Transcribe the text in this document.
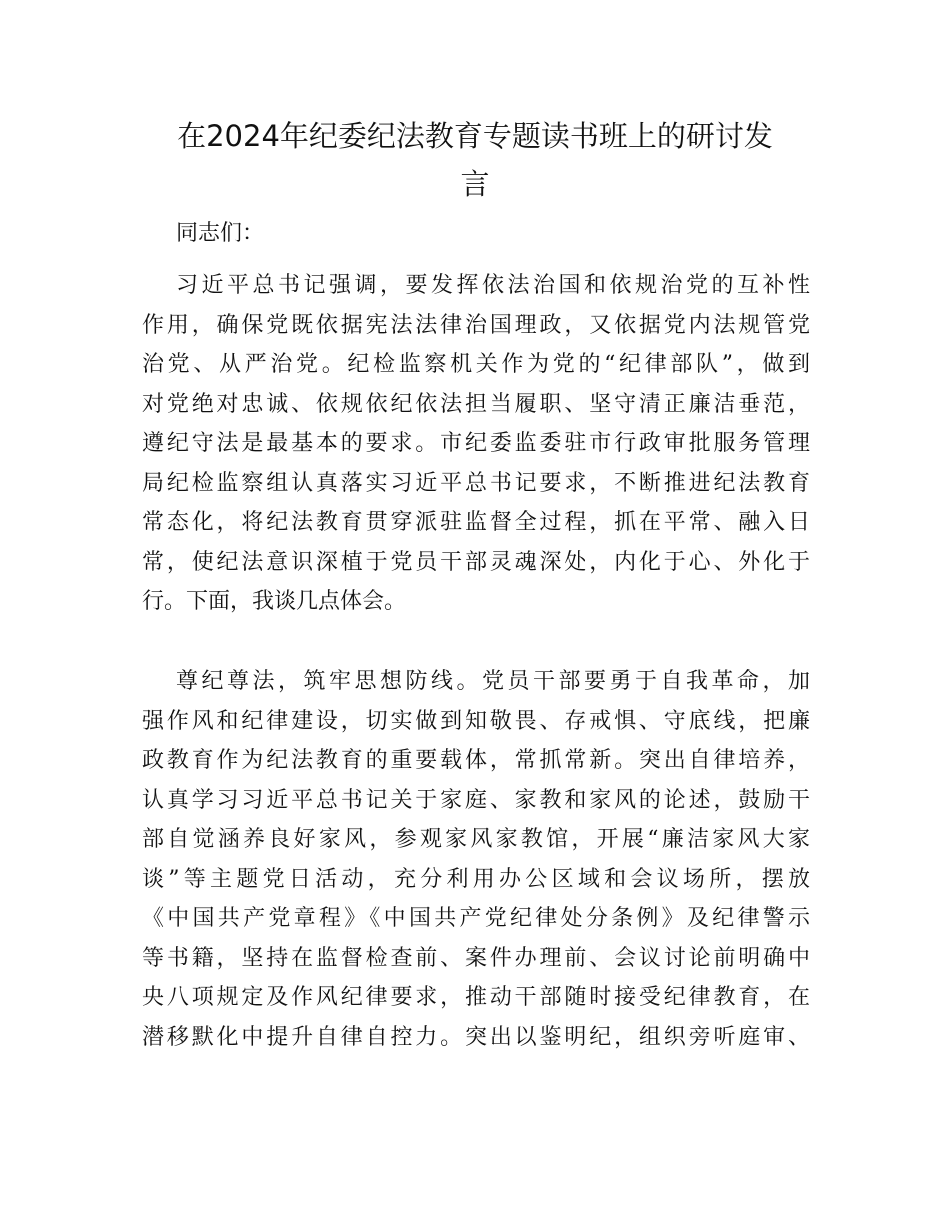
在2024年纪委纪法教育专题读书班上的研讨发
言

同志们：

习近平总书记强调，要发挥依法治国和依规治党的互补性
作用，确保党既依据宪法法律治国理政，又依据党内法规管党
治党、从严治党。纪检监察机关作为党的“纪律部队”，做到
对党绝对忠诚、依规依纪依法担当履职、坚守清正廉洁垂范，
遵纪守法是最基本的要求。市纪委监委驻市行政审批服务管理
局纪检监察组认真落实习近平总书记要求，不断推进纪法教育
常态化，将纪法教育贯穿派驻监督全过程，抓在平常、融入日
常，使纪法意识深植于党员干部灵魂深处，内化于心、外化于
行。下面，我谈几点体会。
尊纪尊法，筑牢思想防线。党员干部要勇于自我革命，加
强作风和纪律建设，切实做到知敬畏、存戒惧、守底线，把廉
政教育作为纪法教育的重要载体，常抓常新。突出自律培养，
认真学习习近平总书记关于家庭、家教和家风的论述，鼓励干
部自觉涵养良好家风，参观家风家教馆，开展“廉洁家风大家
谈”等主题党日活动，充分利用办公区域和会议场所，摆放
《中国共产党章程》《中国共产党纪律处分条例》及纪律警示
等书籍，坚持在监督检查前、案件办理前、会议讨论前明确中
央八项规定及作风纪律要求，推动干部随时接受纪律教育，在
潜移默化中提升自律自控力。突出以鉴明纪，组织旁听庭审、
